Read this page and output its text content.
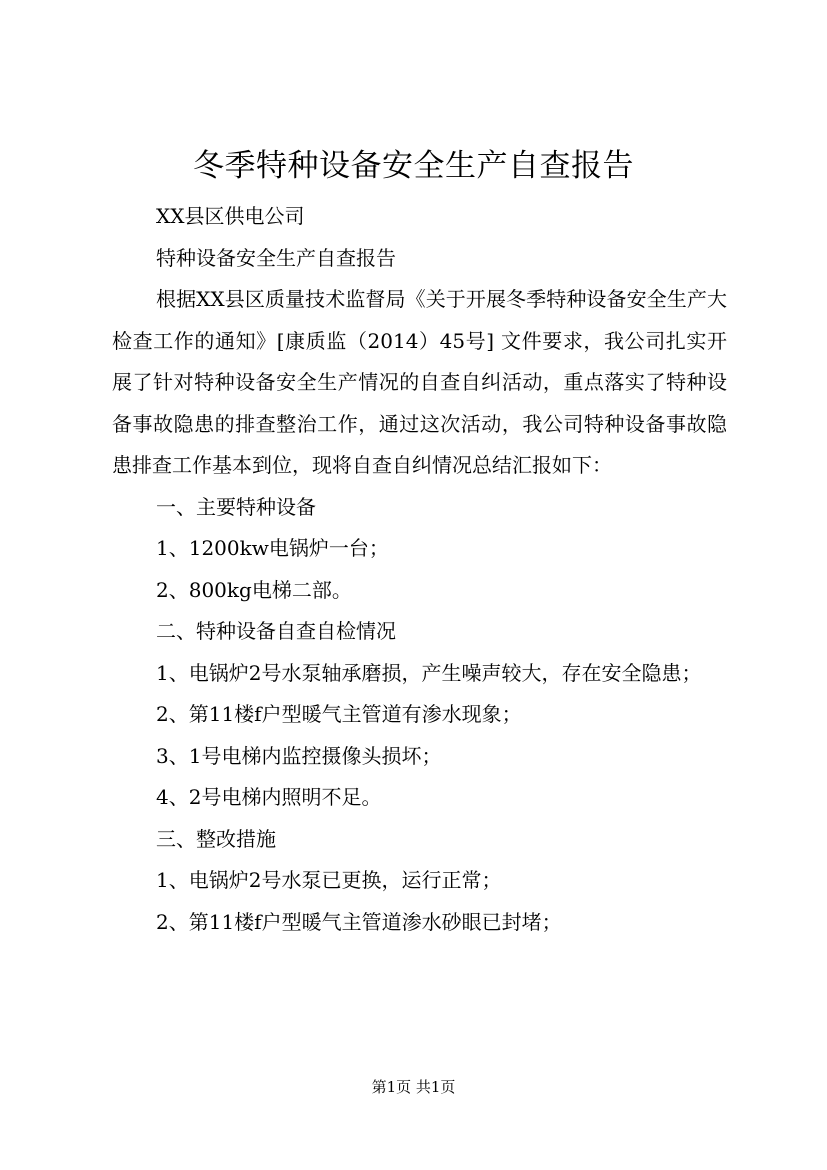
冬季特种设备安全生产自查报告

XX县区供电公司

特种设备安全生产自查报告

根据XX县区质量技术监督局《关于开展冬季特种设备安全生产大检查工作的通知》[康质监（2014）45号] 文件要求，我公司扎实开展了针对特种设备安全生产情况的自查自纠活动，重点落实了特种设备事故隐患的排查整治工作，通过这次活动，我公司特种设备事故隐患排查工作基本到位，现将自查自纠情况总结汇报如下：

一、主要特种设备

1、1200kw电锅炉一台；

2、800kg电梯二部。

二、特种设备自查自检情况

1、电锅炉2号水泵轴承磨损，产生噪声较大，存在安全隐患；

2、第11楼f户型暖气主管道有渗水现象；

3、1号电梯内监控摄像头损坏；

4、2号电梯内照明不足。

三、整改措施

1、电锅炉2号水泵已更换，运行正常；

2、第11楼f户型暖气主管道渗水砂眼已封堵；

第1页 共1页
